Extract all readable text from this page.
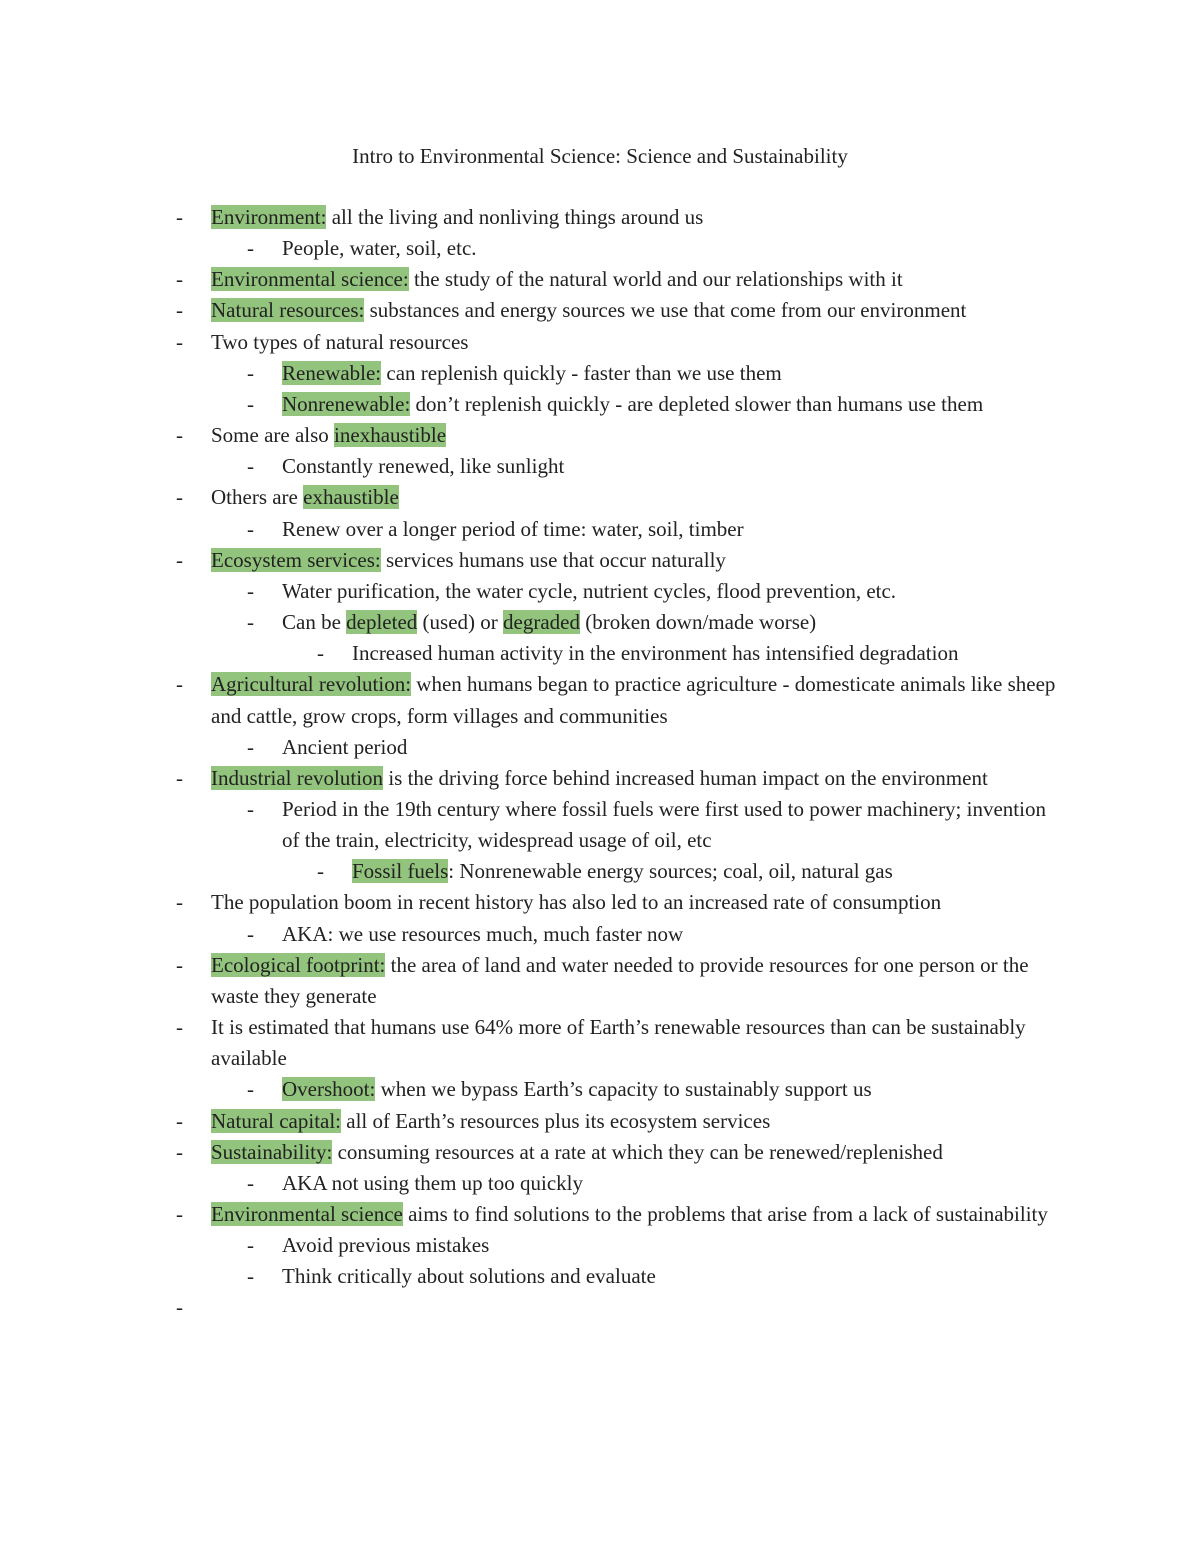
Intro to Environmental Science: Science and Sustainability
- Environment: all the living and nonliving things around us
- People, water, soil, etc.
- Environmental science: the study of the natural world and our relationships with it
- Natural resources: substances and energy sources we use that come from our environment
- Two types of natural resources
- Renewable: can replenish quickly - faster than we use them
- Nonrenewable: don’t replenish quickly - are depleted slower than humans use them
- Some are also inexhaustible
- Constantly renewed, like sunlight
- Others are exhaustible
- Renew over a longer period of time: water, soil, timber
- Ecosystem services: services humans use that occur naturally
- Water purification, the water cycle, nutrient cycles, flood prevention, etc.
- Can be depleted (used) or degraded (broken down/made worse)
- Increased human activity in the environment has intensified degradation
- Agricultural revolution: when humans began to practice agriculture - domesticate animals like sheep and cattle, grow crops, form villages and communities
- Ancient period
- Industrial revolution is the driving force behind increased human impact on the environment
- Period in the 19th century where fossil fuels were first used to power machinery; invention of the train, electricity, widespread usage of oil, etc
- Fossil fuels: Nonrenewable energy sources; coal, oil, natural gas
- The population boom in recent history has also led to an increased rate of consumption
- AKA: we use resources much, much faster now
- Ecological footprint: the area of land and water needed to provide resources for one person or the waste they generate
- It is estimated that humans use 64% more of Earth’s renewable resources than can be sustainably available
- Overshoot: when we bypass Earth’s capacity to sustainably support us
- Natural capital: all of Earth’s resources plus its ecosystem services
- Sustainability: consuming resources at a rate at which they can be renewed/replenished
- AKA not using them up too quickly
- Environmental science aims to find solutions to the problems that arise from a lack of sustainability
- Avoid previous mistakes
- Think critically about solutions and evaluate
-
